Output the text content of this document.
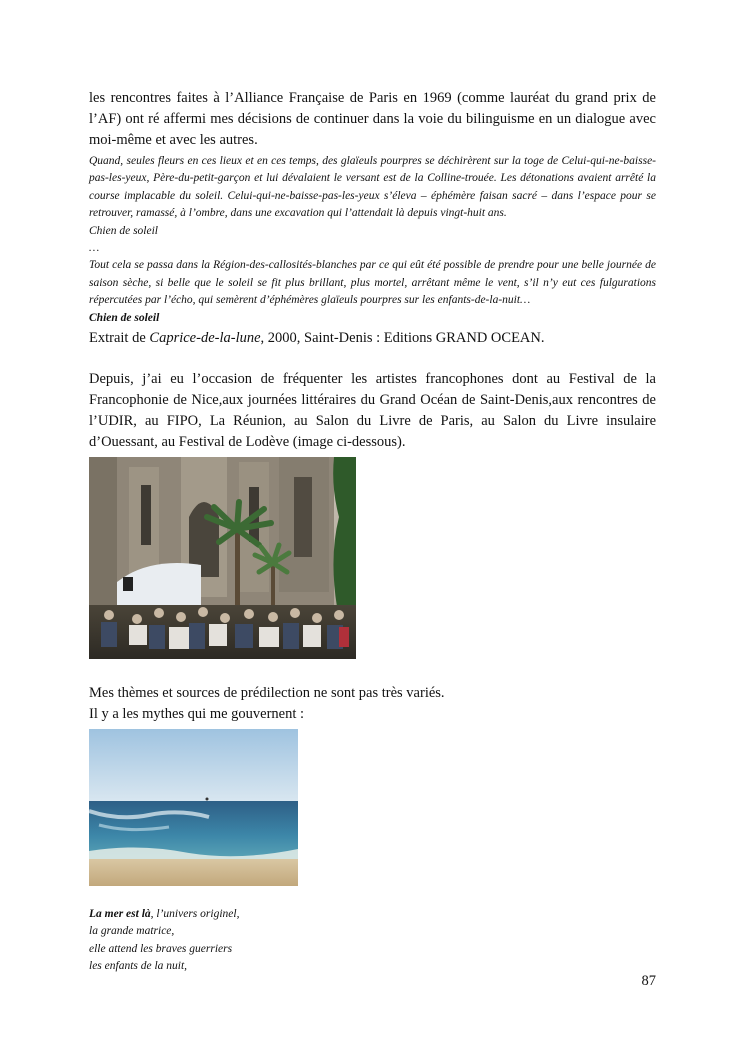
les rencontres faites à l’Alliance Française de Paris en 1969 (comme lauréat du grand prix de l’AF) ont ré affermi mes décisions de continuer dans la voie du bilinguisme en un dialogue avec moi-même et avec les autres.

Quand, seules fleurs en ces lieux et en ces temps, des glaïeuls pourpres se déchirèrent sur la toge de Celui-qui-ne-baisse-pas-les-yeux, Père-du-petit-garçon et lui dévalaient le versant est de la Colline-trouée. Les détonations avaient arrêté la course implacable du soleil. Celui-qui-ne-baisse-pas-les-yeux s’éleva – éphémère faisan sacré – dans l’espace pour se retrouver, ramassé, à l’ombre, dans une excavation qui l’attendait là depuis vingt-huit ans.

Chien de soleil

…

Tout cela se passa dans la Région-des-callosités-blanches par ce qui eût été possible de prendre pour une belle journée de saison sèche, si belle que le soleil se fit plus brillant, plus mortel, arrêtant même le vent, s’il n’y eut ces fulgurations répercutées par l’écho, qui semèrent d’éphémères glaïeuls pourpres sur les enfants-de-la-nuit…

Chien de soleil

Extrait de Caprice-de-la-lune, 2000, Saint-Denis : Editions GRAND OCEAN.

Depuis, j’ai eu l’occasion de fréquenter les artistes francophones dont au Festival de la Francophonie de Nice,aux journées littéraires du Grand Océan de Saint-Denis,aux rencontres de l’UDIR, au FIPO, La Réunion, au Salon du Livre de Paris, au Salon du Livre insulaire d’Ouessant, au Festival de Lodève (image ci-dessous).

Mes thèmes et sources de prédilection ne sont pas très variés.

Il y a les mythes qui me gouvernent :

La mer est là, l’univers originel,

la grande matrice,

elle attend les braves guerriers

les enfants de la nuit,

87
